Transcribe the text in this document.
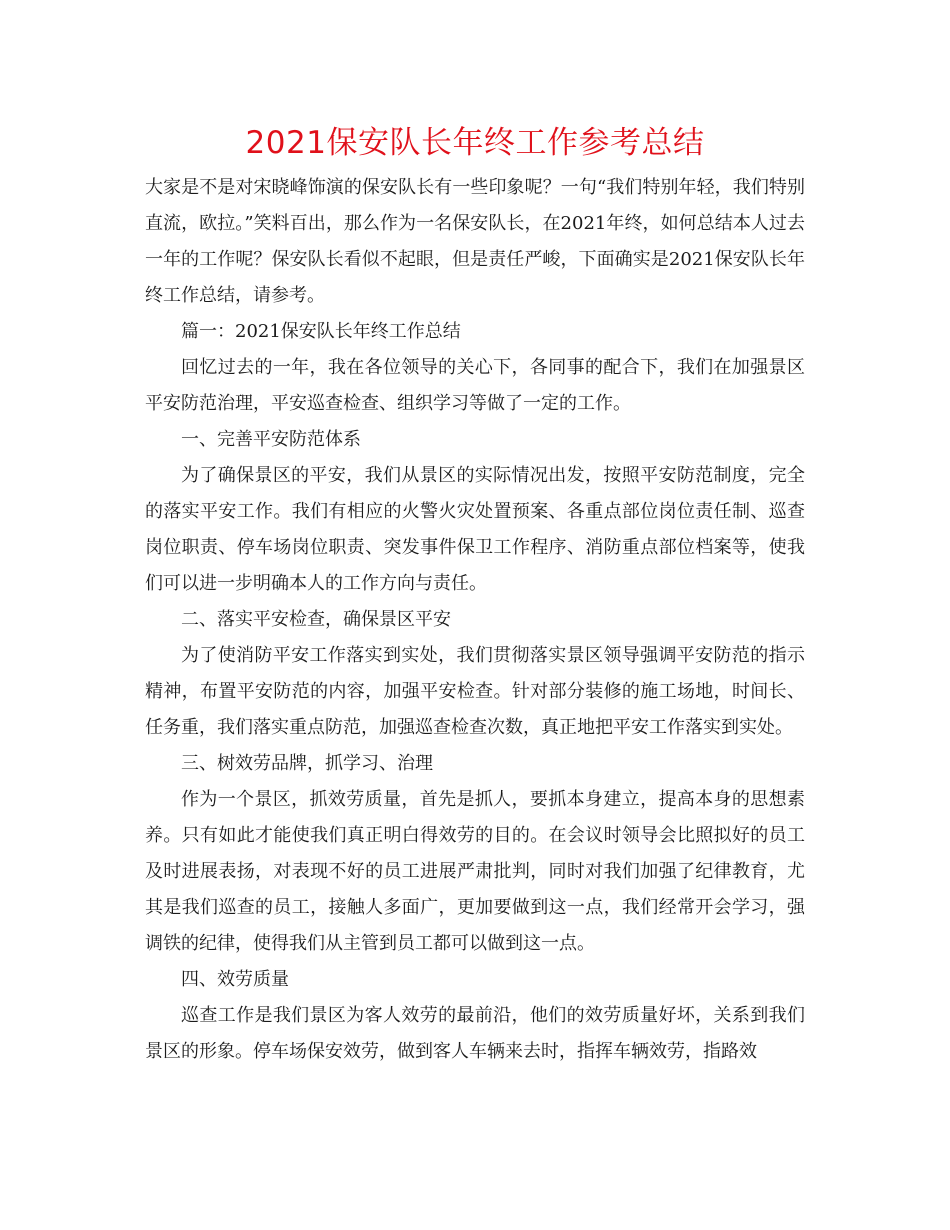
2021保安队长年终工作参考总结

大家是不是对宋晓峰饰演的保安队长有一些印象呢？一句“我们特别年轻，我们特别直流，欧拉。”笑料百出，那么作为一名保安队长，在2021年终，如何总结本人过去一年的工作呢？保安队长看似不起眼，但是责任严峻，下面确实是2021保安队长年终工作总结，请参考。

篇一：2021保安队长年终工作总结

回忆过去的一年，我在各位领导的关心下，各同事的配合下，我们在加强景区平安防范治理，平安巡查检查、组织学习等做了一定的工作。

一、完善平安防范体系

为了确保景区的平安，我们从景区的实际情况出发，按照平安防范制度，完全的落实平安工作。我们有相应的火警火灾处置预案、各重点部位岗位责任制、巡查岗位职责、停车场岗位职责、突发事件保卫工作程序、消防重点部位档案等，使我们可以进一步明确本人的工作方向与责任。

二、落实平安检查，确保景区平安

为了使消防平安工作落实到实处，我们贯彻落实景区领导强调平安防范的指示精神，布置平安防范的内容，加强平安检查。针对部分装修的施工场地，时间长、任务重，我们落实重点防范，加强巡查检查次数，真正地把平安工作落实到实处。

三、树效劳品牌，抓学习、治理

作为一个景区，抓效劳质量，首先是抓人，要抓本身建立，提高本身的思想素养。只有如此才能使我们真正明白得效劳的目的。在会议时领导会比照拟好的员工及时进展表扬，对表现不好的员工进展严肃批判，同时对我们加强了纪律教育，尤其是我们巡查的员工，接触人多面广，更加要做到这一点，我们经常开会学习，强调铁的纪律，使得我们从主管到员工都可以做到这一点。

四、效劳质量

巡查工作是我们景区为客人效劳的最前沿，他们的效劳质量好坏，关系到我们景区的形象。停车场保安效劳，做到客人车辆来去时，指挥车辆效劳，指路效
